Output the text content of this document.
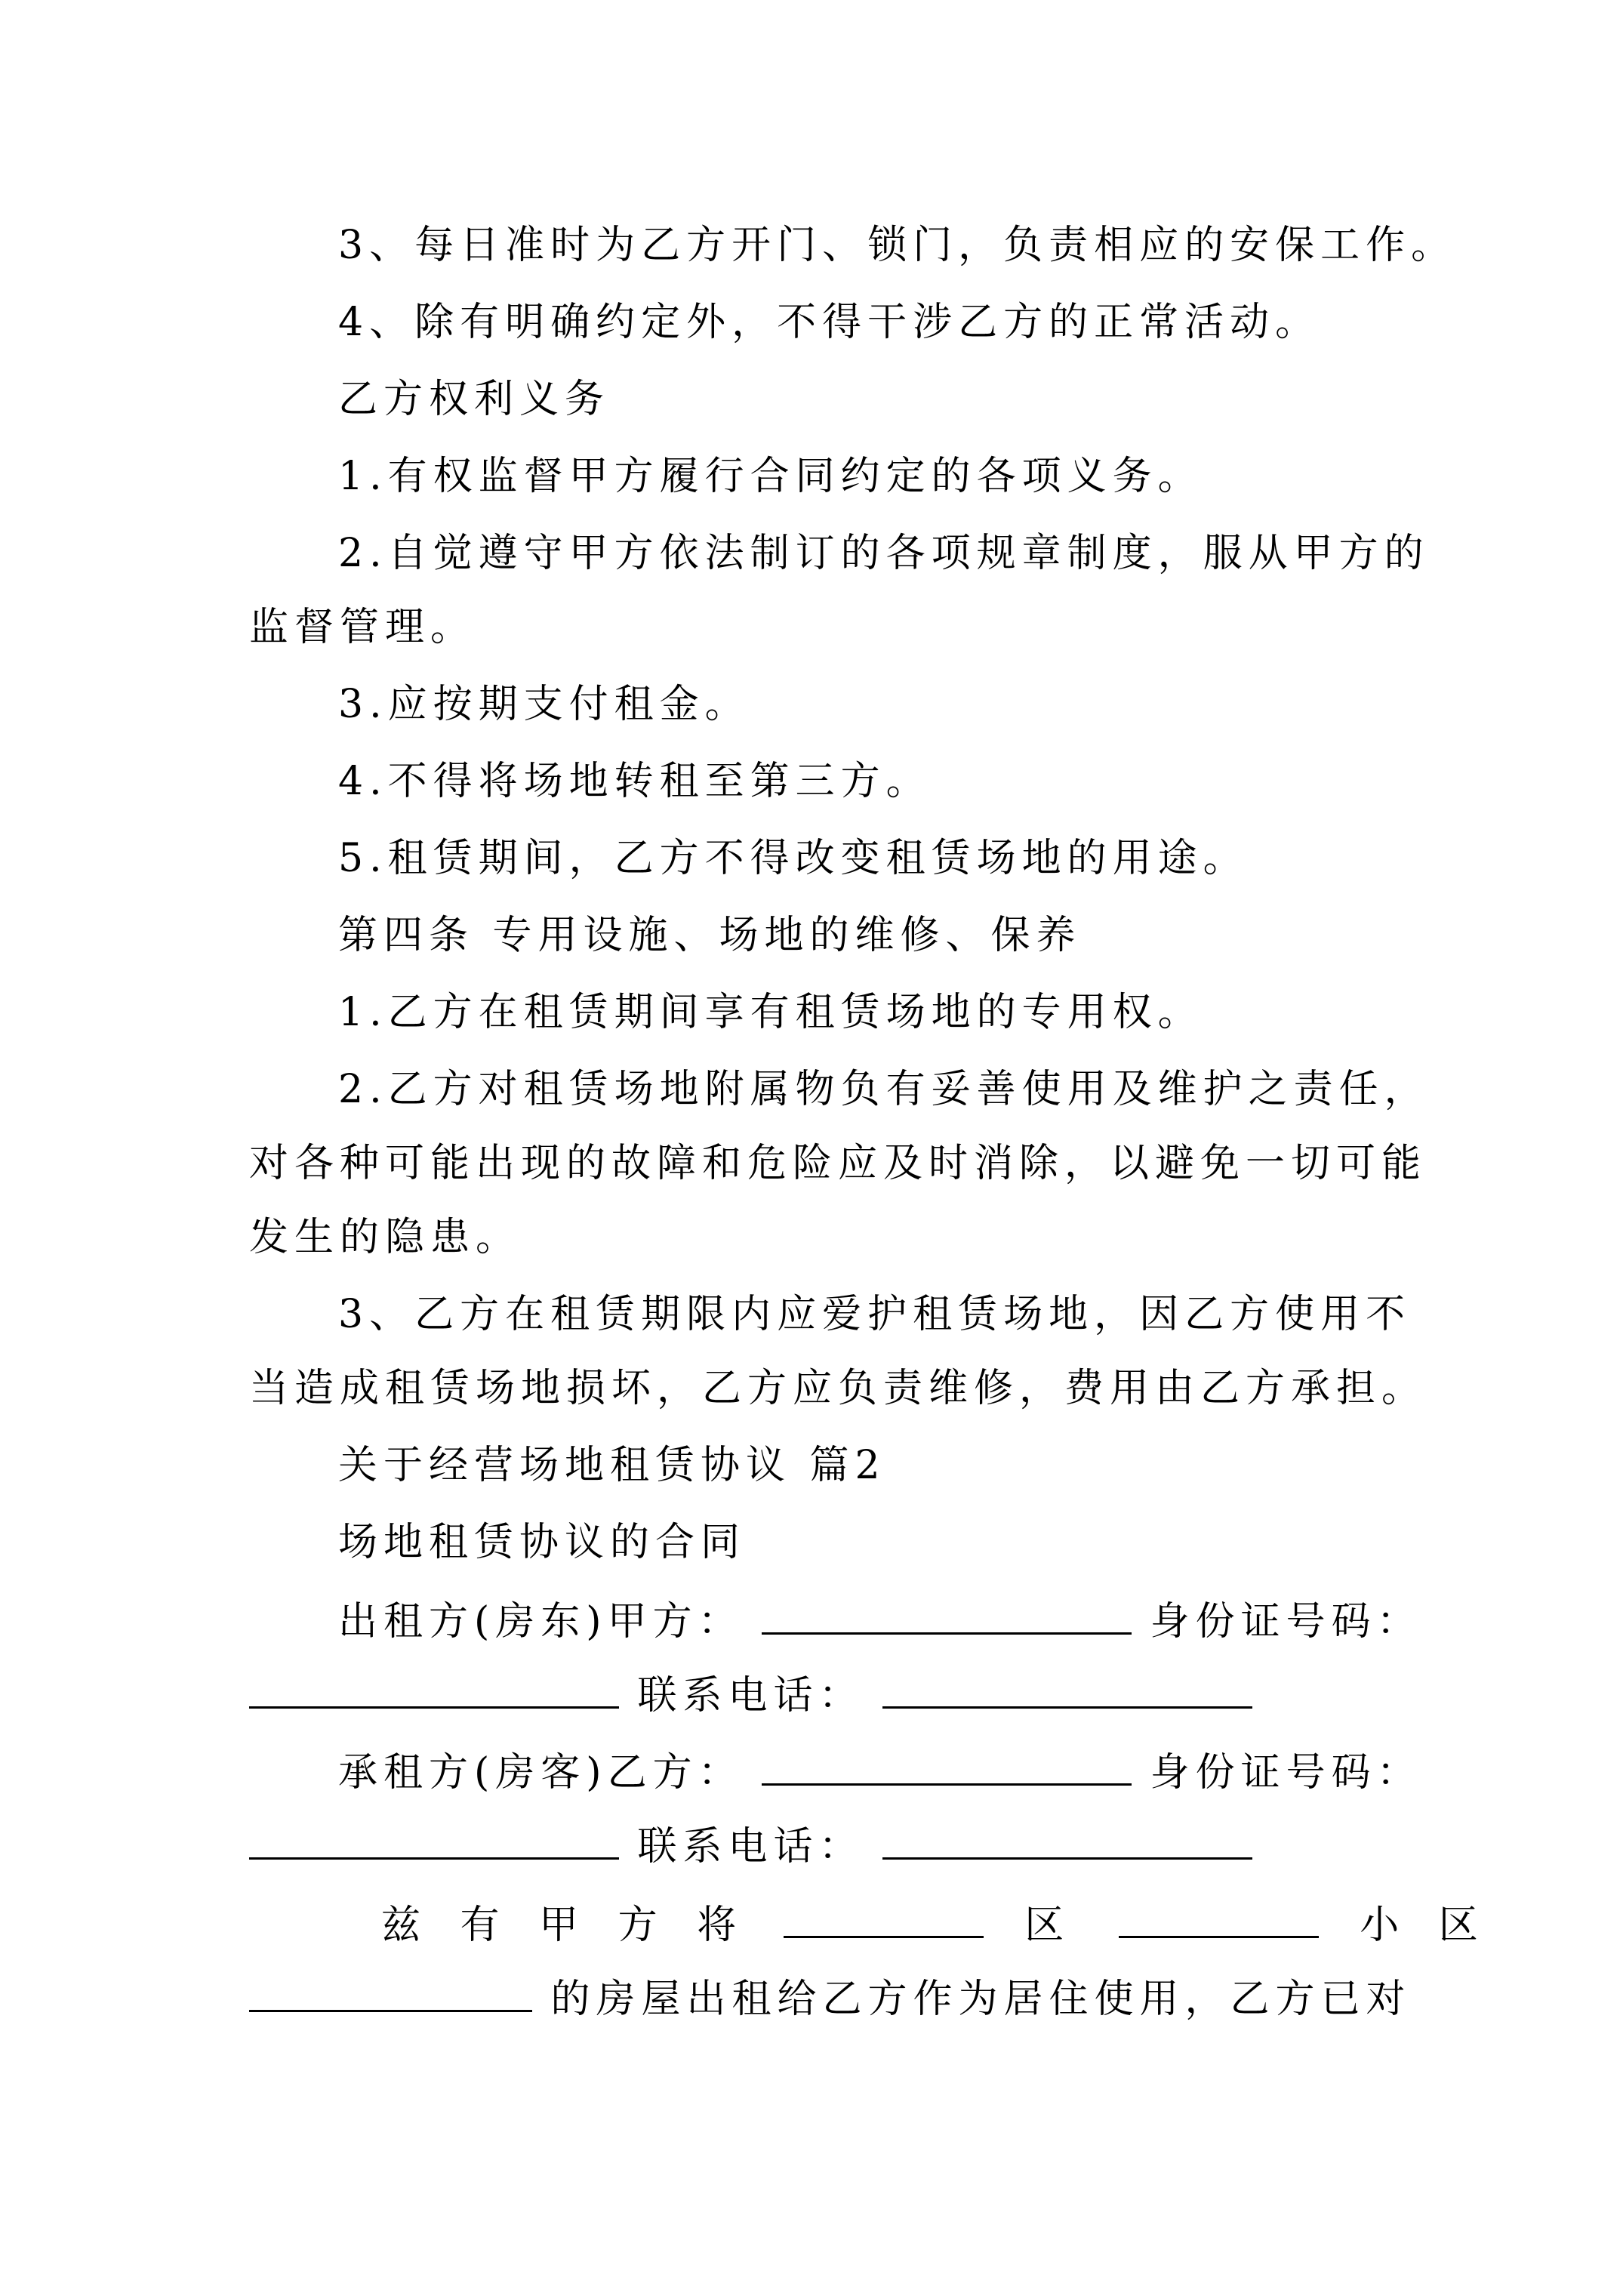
3、每日准时为乙方开门、锁门，负责相应的安保工作。
4、除有明确约定外，不得干涉乙方的正常活动。
乙方权利义务
1.有权监督甲方履行合同约定的各项义务。
2.自觉遵守甲方依法制订的各项规章制度，服从甲方的
监督管理。
3.应按期支付租金。
4.不得将场地转租至第三方。
5.租赁期间，乙方不得改变租赁场地的用途。
第四条 专用设施、场地的维修、保养
1.乙方在租赁期间享有租赁场地的专用权。
2.乙方对租赁场地附属物负有妥善使用及维护之责任，
对各种可能出现的故障和危险应及时消除，以避免一切可能
发生的隐患。
3、乙方在租赁期限内应爱护租赁场地，因乙方使用不
当造成租赁场地损坏，乙方应负责维修，费用由乙方承担。
关于经营场地租赁协议 篇2
场地租赁协议的合同
出租方(房东)甲方：	身份证号码：
联系电话：
承租方(房客)乙方：	身份证号码：
联系电话：
兹 有 甲 方 将	区	小 区
的房屋出租给乙方作为居住使用，乙方已对
